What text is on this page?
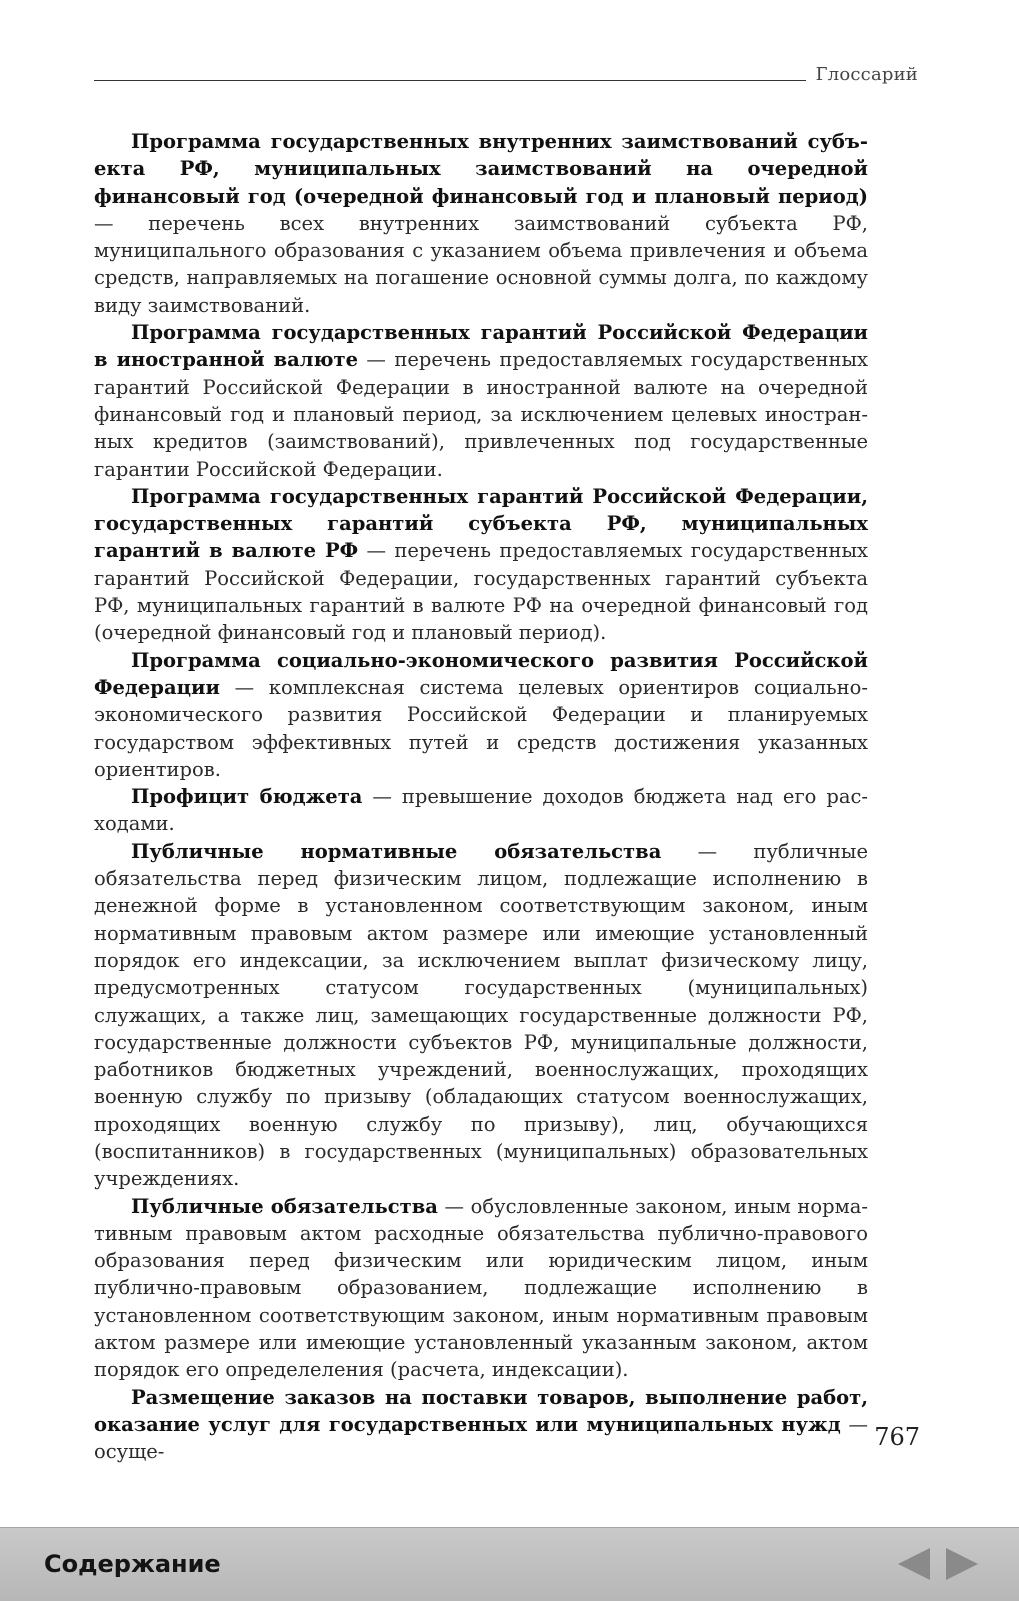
Глоссарий

Программа государственных внутренних заимствований субъекта РФ, муниципальных заимствований на очередной финансовый год (очередной финансовый год и плановый период) — перечень всех внутренних заимствований субъекта РФ, муниципального образования с указанием объема привлечения и объема средств, направляемых на погашение основной суммы долга, по каждому виду заимствований.

Программа государственных гарантий Российской Федерации в иностранной валюте — перечень предоставляемых государственных гарантий Российской Федерации в иностранной валюте на очередной финансовый год и плановый период, за исключением целевых иностранных кредитов (заимствований), привлеченных под государственные гарантии Российской Федерации.

Программа государственных гарантий Российской Федерации, государственных гарантий субъекта РФ, муниципальных гарантий в валюте РФ — перечень предоставляемых государственных гарантий Российской Федерации, государственных гарантий субъекта РФ, муниципальных гарантий в валюте РФ на очередной финансовый год (очередной финансовый год и плановый период).

Программа социально-экономического развития Российской Федерации — комплексная система целевых ориентиров социально-экономического развития Российской Федерации и планируемых государством эффективных путей и средств достижения указанных ориентиров.

Профицит бюджета — превышение доходов бюджета над его расходами.

Публичные нормативные обязательства — публичные обязательства перед физическим лицом, подлежащие исполнению в денежной форме в установленном соответствующим законом, иным нормативным правовым актом размере или имеющие установленный порядок его индексации, за исключением выплат физическому лицу, предусмотренных статусом государственных (муниципальных) служащих, а также лиц, замещающих государственные должности РФ, государственные должности субъектов РФ, муниципальные должности, работников бюджетных учреждений, военнослужащих, проходящих военную службу по призыву (обладающих статусом военнослужащих, проходящих военную службу по призыву), лиц, обучающихся (воспитанников) в государственных (муниципальных) образовательных учреждениях.

Публичные обязательства — обусловленные законом, иным нормативным правовым актом расходные обязательства публично-правового образования перед физическим или юридическим лицом, иным публично-правовым образованием, подлежащие исполнению в установленном соответствующим законом, иным нормативным правовым актом размере или имеющие установленный указанным законом, актом порядок его определеления (расчета, индексации).

Размещение заказов на поставки товаров, выполнение работ, оказание услуг для государственных или муниципальных нужд — осуще-

767
Содержание
